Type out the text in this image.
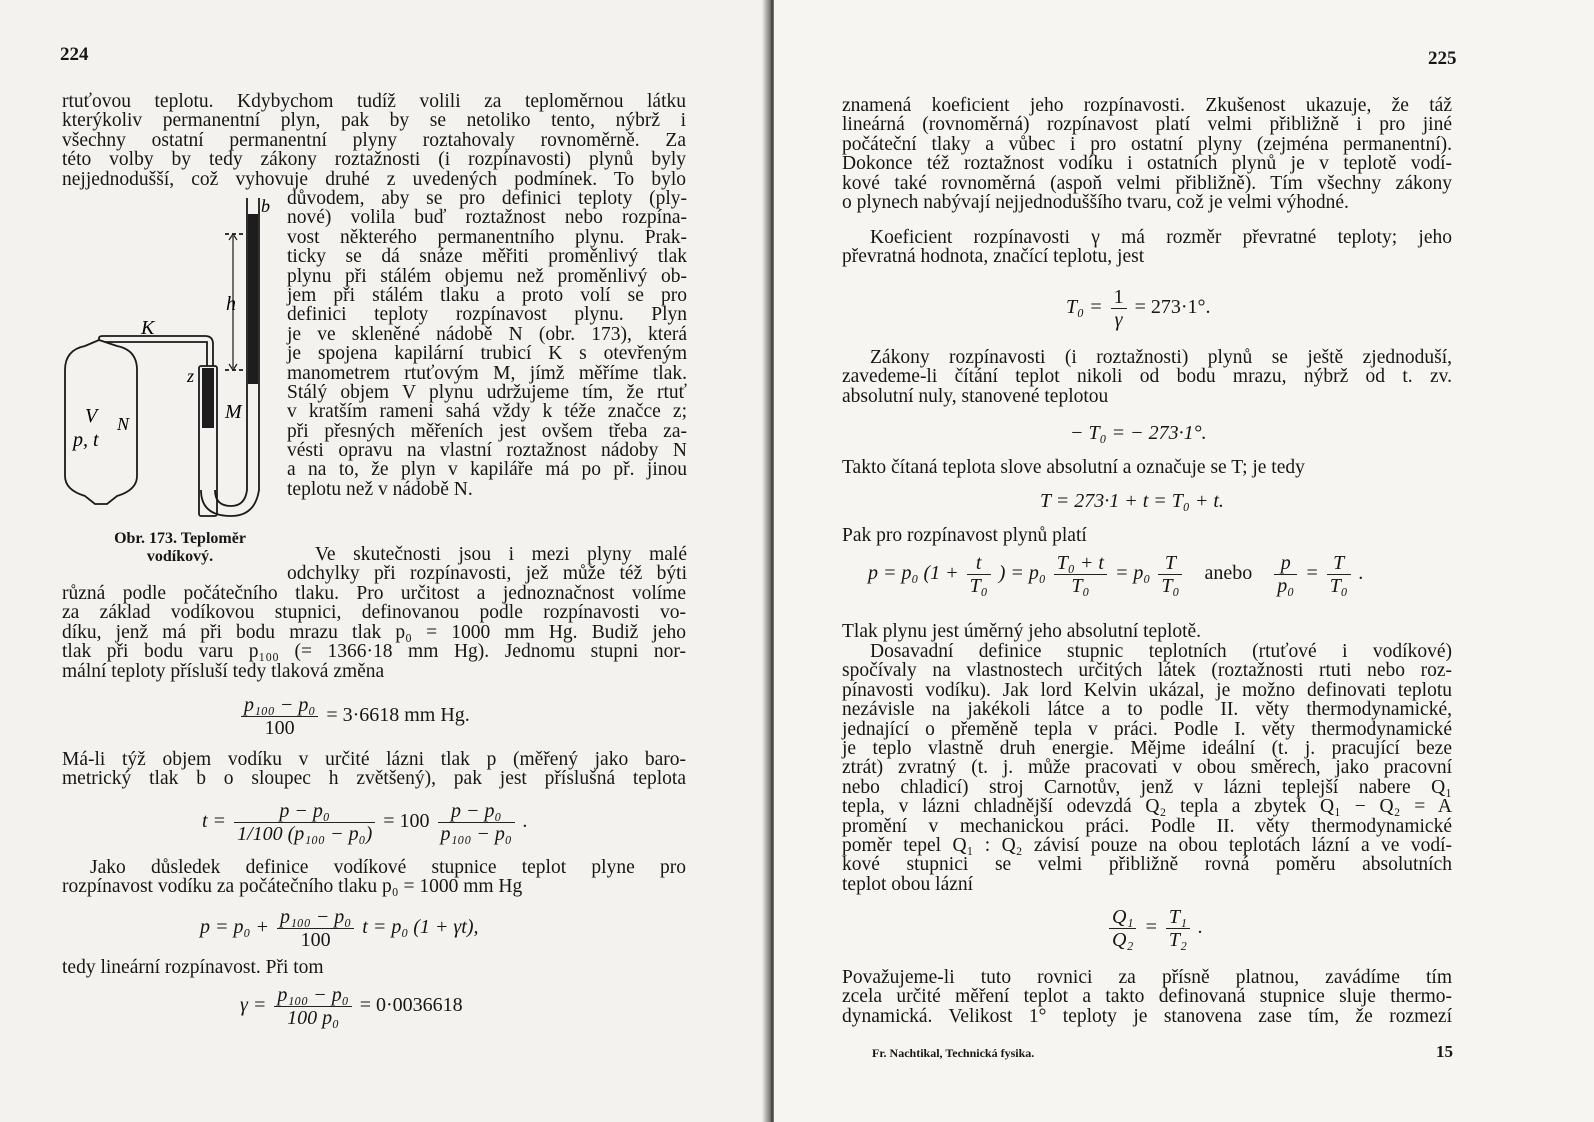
224
rtuťovou teplotu. Kdybychom tudíž volili za teploměrnou látku
kterýkoliv permanentní plyn, pak by se netoliko tento, nýbrž i
všechny ostatní permanentní plyny roztahovaly rovnoměrně. Za
této volby by tedy zákony roztažnosti (i rozpínavosti) plynů byly
nejjednodušší, což vyhovuje druhé z uvedených podmínek. To bylo
b
h
K
z
M
V
p, t
N
Obr. 173. Teploměr
vodíkový.
důvodem, aby se pro definici teploty (ply-
nové) volila buď roztažnost nebo rozpína-
vost některého permanentního plynu. Prak-
ticky se dá snáze měřiti proměnlivý tlak
plynu při stálém objemu než proměnlivý ob-
jem při stálém tlaku a proto volí se pro
definici teploty rozpínavost plynu. Plyn
je ve skleněné nádobě N (obr. 173), která
je spojena kapilární trubicí K s otevřeným
manometrem rtuťovým M, jímž měříme tlak.
Stálý objem V plynu udržujeme tím, že rtuť
v kratším rameni sahá vždy k téže značce z;
při přesných měřeních jest ovšem třeba za-
vésti opravu na vlastní roztažnost nádoby N
a na to, že plyn v kapiláře má po př. jinou
teplotu než v nádobě N.
Ve skutečnosti jsou i mezi plyny malé
odchylky při rozpínavosti, jež může též býti
různá podle počátečního tlaku. Pro určitost a jednoznačnost volíme
za základ vodíkovou stupnici, definovanou podle rozpínavosti vo-
díku, jenž má při bodu mrazu tlak p₀ = 1000 mm Hg. Budiž jeho
tlak při bodu varu p₁₀₀ (= 1366·18 mm Hg). Jednomu stupni nor-
mální teploty přísluší tedy tlaková změna
$\frac{\text{p₁₀₀ − p₀}}{100} = 3\cdot 6618$ mm Hg.
Má-li týž objem vodíku v určité lázni tlak p (měřený jako baro-
metrický tlak b o sloupec h zvětšený), pak jest příslušná teplota
$t = \frac{\text{p − p₀}}{\text{1/100 (p₁₀₀ − p₀)}} = 100 \frac{\text{p − p₀}}{\text{p₁₀₀ − p₀}}$ .
Jako důsledek definice vodíkové stupnice teplot plyne pro
rozpínavost vodíku za počátečního tlaku p₀ = 1000 mm Hg
$p = p_0 + \frac{\text{p₁₀₀ − p₀}}{100}$ t = p₀ (1 + γt),
tedy lineární rozpínavost. Při tom
$\gamma = \frac{\text{p₁₀₀ − p₀}}{\text{100 p₀}} = 0\cdot 0036618$
225
znamená koeficient jeho rozpínavosti. Zkušenost ukazuje, že táž
lineárná (rovnoměrná) rozpínavost platí velmi přibližně i pro jiné
počáteční tlaky a vůbec i pro ostatní plyny (zejména permanentní).
Dokonce též roztažnost vodíku i ostatních plynů je v teplotě vodí-
kové také rovnoměrná (aspoň velmi přibližně). Tím všechny zákony
o plynech nabývají nejjednoduššího tvaru, což je velmi výhodné.
Koeficient rozpínavosti γ má rozměr převratné teploty; jeho
převratná hodnota, značící teplotu, jest
$T_0 = \frac{1}{\gamma} = 273\cdot 1^\circ$.
Zákony rozpínavosti (i roztažnosti) plynů se ještě zjednoduší,
zavedeme-li čítání teplot nikoli od bodu mrazu, nýbrž od t. zv.
absolutní nuly, stanovené teplotou
− T₀ = − 273·1°.
Takto čítaná teplota slove absolutní a označuje se T; je tedy
T = 273·1 + t = T₀ + t.
Pak pro rozpínavost plynů platí
p = p₀ ($1 + \frac{t}{\text{T₀}}$ ) = $p_0 \frac{\text{T₀ + t}}{\text{T₀}} = p_0 \frac{T}{\text{T₀}}$ anebo $\frac{p}{\text{p₀}} = \frac{T}{\text{T₀}}$ .
Tlak plynu jest úměrný jeho absolutní teplotě.
Dosavadní definice stupnic teplotních (rtuťové i vodíkové)
spočívaly na vlastnostech určitých látek (roztažnosti rtuti nebo roz-
pínavosti vodíku). Jak lord Kelvin ukázal, je možno definovati teplotu
nezávisle na jakékoli látce a to podle II. věty thermodynamické,
jednající o přeměně tepla v práci. Podle I. věty thermodynamické
je teplo vlastně druh energie. Mějme ideální (t. j. pracující beze
ztrát) zvratný (t. j. může pracovati v obou směrech, jako pracovní
nebo chladicí) stroj Carnotův, jenž v lázni teplejší nabere Q₁
tepla, v lázni chladnější odevzdá Q₂ tepla a zbytek Q₁ − Q₂ = A
promění v mechanickou práci. Podle II. věty thermodynamické
poměr tepel Q₁ : Q₂ závisí pouze na obou teplotách lázní a ve vodí-
kové stupnici se velmi přibližně rovná poměru absolutních
teplot obou lázní
$\frac{\text{Q₁}}{\text{Q₂}} = \frac{\text{T₁}}{\text{T₂}}$ .
Považujeme-li tuto rovnici za přísně platnou, zavádíme tím
zcela určité měření teplot a takto definovaná stupnice sluje thermo-
dynamická. Velikost 1° teploty je stanovena zase tím, že rozmezí
Fr. Nachtikal, Technická fysika.	15
